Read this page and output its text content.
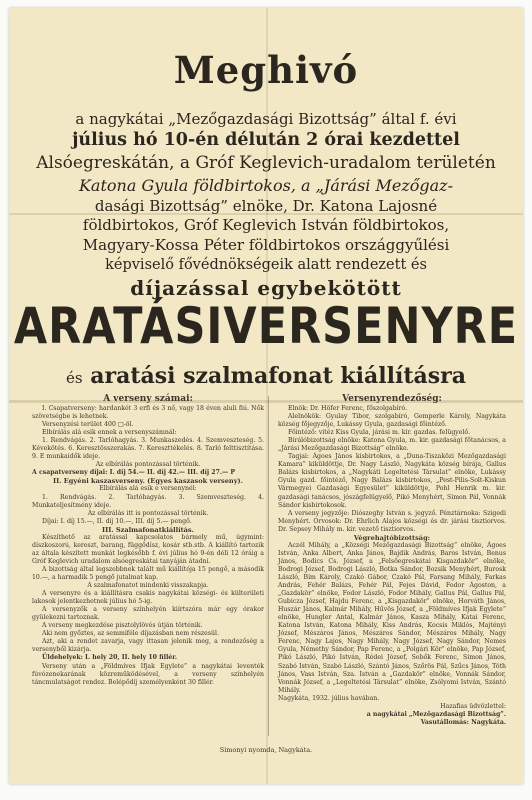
Meghivó
a nagykátai „Mezőgazdasági Bizottság” által f. évi
július hó 10-én délután 2 órai kezdettel
Alsóegreskátán, a Gróf Keglevich-uradalom területén
Katona Gyula földbirtokos, a „Járási Mezőgaz-
dasági Bizottság” elnöke, Dr. Katona Lajosné
földbirtokos, Gróf Keglevich István földbirtokos,
Magyary-Kossa Péter földbirtokos országgyűlési
képviselő fővédnökségeik alatt rendezett és
díjazással egybekötött
ARATÁSIVERSENYRE
és aratási szalmafonat kiállításra

A verseny számai:

I. Csapatverseny: hardankét 3 erfi és 3 nő, vagy 18 éven aluli fiú. Nők szövetségbe is lehetnek.

Versenyzési terület 400 □-öl.

Elbírálás alá esik ennek a versenyszámnál:

1. Rendvágás. 2. Tarlóhagyás. 3. Munkaszedés. 4. Szemveszteség. 5. Kévekötés. 6. Keresztösszerakás. 7. Kereszttékelés. 8. Tarló felttisztítása. 9. E munkaidők ideje.

Az elbírálás pontozással történik.

A csapatverseny díjai: I. díj 54.— II. díj 42.— III. díj 27.— P

II. Egyéni kaszasverseny. (Egyes kaszasok verseny).

Elbírálás alá esik e versenynél:

1. Rendvágás. 2. Tarlóhagyás. 3. Szemveszteség. 4. Munkateljesítmény ideje.

Az elbírálás itt is pontozással történik.

Díjai: I. díj 15.—, II. díj 10.—, III. díj 5.— pengő.

III. Szalmafonatkiállítás.

Készíthető az aratással kapcsolatos bármely mű, úgymint: díszkoszorú, kereszt, barang, függődísz, kosár stb.stb. A kiállító tartozik az általa készített munkát legkésőbb f. évi július hó 9-én déli 12 óráig a Gróf Keglevich uradalom alsóegreskátai tanyáján átadni.

A bizottság által legszebbnek talált mű kiállítója 15 pengő, a második 10.—, a harmadik 5 pengő jutalmat kap.

A szalmafonatot mindenki visszakapja.

A versenyre és a kiállításra csakis nagykátai községi- és külterületi lakosok jelentkezhetnek július hó 5-ig.

A versenyzők a verseny színhelyén kiírtszóra már egy órakor gyülekezni tartoznak.

A verseny megkezdése pisztolylövés útján történik.

Aki nem győztes, az semmiféle díjazásban nem részesül.

Azt, aki a rendet zavarja, vagy ittasan jelenik meg, a rendezőség a versenyből kizárja.

Üldehelyek: I. hely 20, II. hely 10 fillér.

Verseny után a „Földmíves Ifjak Egylete” a nagykátai leventék fúvózenekarának közreműködésével, a verseny színhelyén táncmulatságot rendez. Belépődíj személyenként 30 fillér.

Versenyrendezőség:

Elnök: Dr. Höfer Ferenc, főszolgabíró.

Alelnökök: Gyulay Tibor, szolgabíró, Gemperle Károly, Nagykáta község főjegyzője, Lukássy Gyula, gazdasági főintéző.

Főintéző: vitéz Kiss Gyula, járási m. kir. gazdas. felügyelő.

Bírálóbizottság elnöke: Katona Gyula, m. kir. gazdasági főtanácsos, a „Járási Mezőgazdasági Bizottság” elnöke.

Tagjai: Ágoes János kisbirtokos, a „Duna-Tiszaközi Mezőgazdasági Kamara” kiküldöttje, Dr. Nagy László, Nagykáta község bírája, Gallus Balázs kisbirtokos, a „Nagykáti Legeltetési Társulat” elnöke, Lukássy Gyula gazd. főintéző, Nagy Balázs kisbirtokos, „Pest-Pilis-Solt-Kiskun Vármegyei Gazdasági Egyesület” kiküldöttje, Pohl Henrik m. kir. gazdasági tanácsos, jószágfelügyelő, Pikó Menyhért, Simon Pál, Vonnák Sándor kisbirtokosok.

A verseny jegyzője: Diószeghy István s. jegyző. Pénztárnoka: Szigedi Menyhért. Orvosok: Dr. Ehrlich Alajos községi és dr. járási tisztiorvos. Dr. Sepsey Mihály m. kir. vezető tisztiorvos.

Végrehajtóbizottság:

Aczél Mihály, a „Községi Mezőgazdasági Bizottság” elnöke, Ágoes István, Anka Albert, Anka János, Bajdik András, Baros István, Benus János, Bodics Cs. József, a „Felsőegreskátai Kisgazdakör” elnöke, Bodrogi József, Bodrogi László, Botka Sándor, Bozsik Menyhért, Burosk László, Bím Károly, Czakó Gábor, Czakó Pál, Farsang Mihály, Farkas András, Fehér Balázs, Fehér Pál, Fejes Dávid, Fodor Ágoston, a „Gazdakör” elnöke, Fodor László, Fodor Mihály, Gallus Pál, Gallus Pál, Gubicza József, Hajdu Ferenc, a „Kisgazdakör” elnöke, Horváth János, Huszár János, Kalmár Mihály, Hűvös József, a „Földmíves Ifjak Egylete” elnöke, Hungler Antal, Kalmár János, Kasza Mihály, Kátai Ferenc, Katona István, Katona Mihály, Kiss András, Kocsis Miklós, Majtényi József, Mészáros János, Mészáros Sándor, Mészáros Mihály, Nagy Ferenc, Nagy Lajos, Nagy Mihály, Nagy József, Nagy Sándor, Nemes Gyula, Némethy Sándor, Pap Ferenc, a „Polgári Kör” elnöke, Pap József, Pikó László, Pikó István, Rédei József, Sebők Ferenc, Simon János, Szabó István, Szabó László, Szántó János, Szőrös Pál, Szűcs János, Tóth János, Vass István, Sza. István a „Gazdakör” elnöke, Vonnák Sándor, Vonnák József, a „Legeltetési Társulat” elnöke, Zsólyomi István, Szántó Mihály.

Nagykáta, 1932. július havában.

Hazafias üdvözlettel:

a nagykátai „Mezőgazdasági Bizottság”.

Vasutállomás: Nagykáta.

Simonyi nyomda, Nagykáta.
